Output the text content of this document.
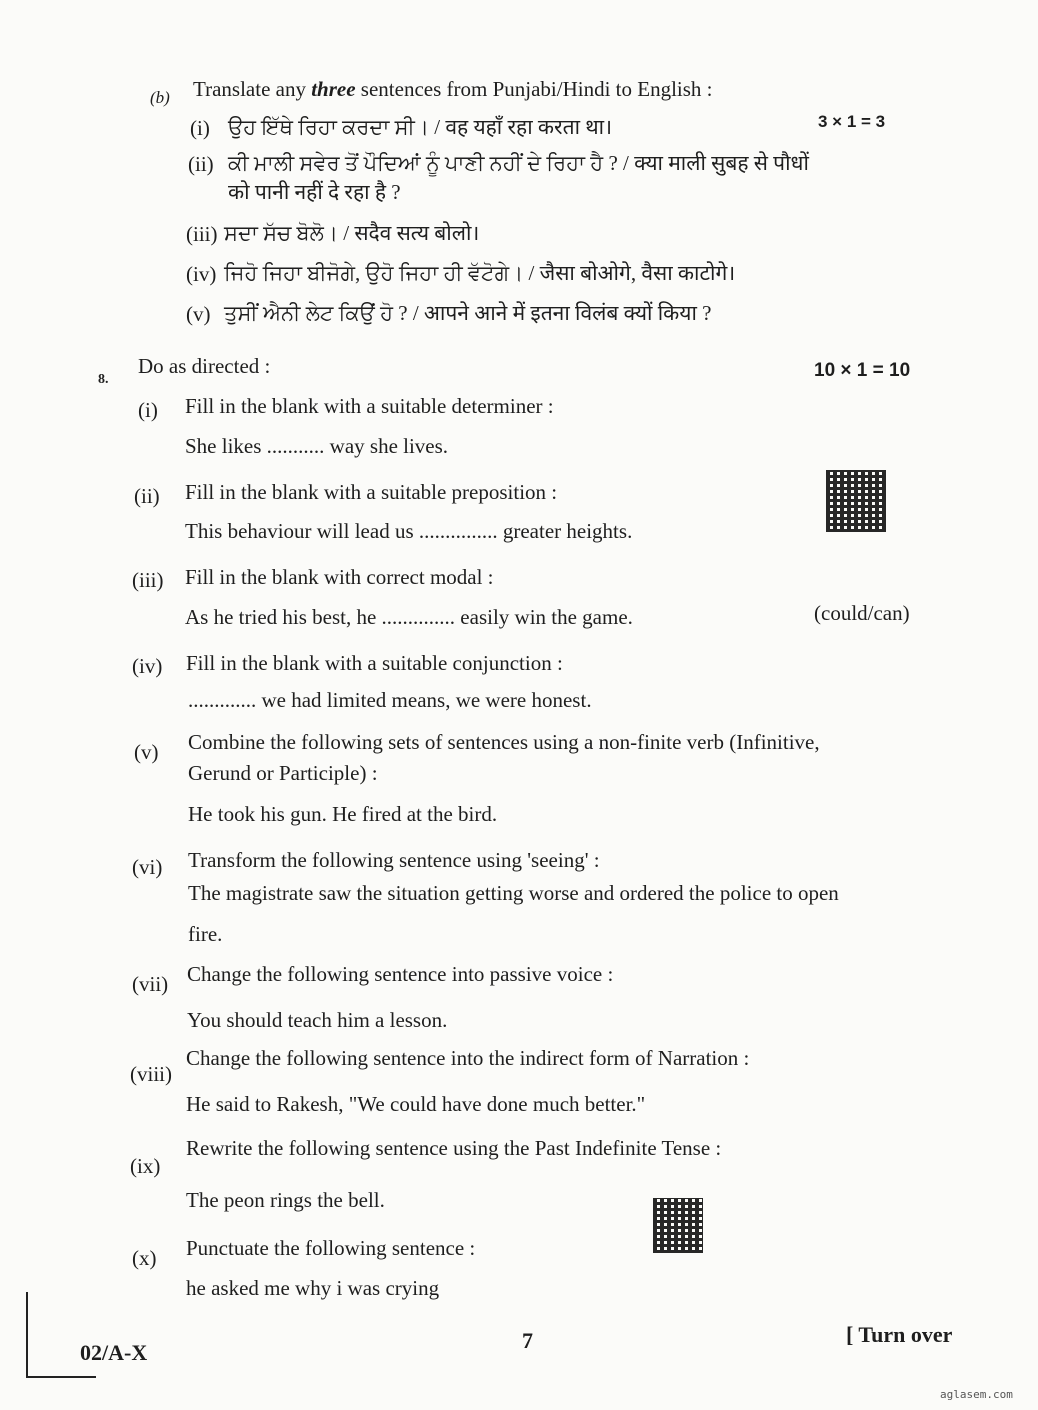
(b) Translate any three sentences from Punjabi/Hindi to English :
3 × 1 = 3
(i) ਉਹ ਇੱਥੇ ਰਿਹਾ ਕਰਦਾ ਸੀ। / वह यहाँ रहा करता था।
(ii) ਕੀ ਮਾਲੀ ਸਵੇਰ ਤੋਂ ਪੌਦਿਆਂ ਨੂੰ ਪਾਣੀ ਨਹੀਂ ਦੇ ਰਿਹਾ ਹੈ ? / क्या माली सुबह से पौधों
को पानी नहीं दे रहा है ?
(iii) ਸਦਾ ਸੱਚ ਬੋਲੋ। / सदैव सत्य बोलो।
(iv) ਜਿਹੋ ਜਿਹਾ ਬੀਜੋਗੇ, ਉਹੋ ਜਿਹਾ ਹੀ ਵੱਟੋਗੇ। / जैसा बोओगे, वैसा काटोगे।
(v) ਤੁਸੀਂ ਐਨੀ ਲੇਟ ਕਿਉਂ ਹੋ ? / आपने आने में इतना विलंब क्यों किया ?
8.
Do as directed :	10 × 1 = 10
(i) Fill in the blank with a suitable determiner :
She likes ........... way she lives.
(ii) Fill in the blank with a suitable preposition :
This behaviour will lead us ............... greater heights.
(iii) Fill in the blank with correct modal :
As he tried his best, he .............. easily win the game.	(could/can)
(iv) Fill in the blank with a suitable conjunction :
............. we had limited means, we were honest.
(v) Combine the following sets of sentences using a non-finite verb (Infinitive,
Gerund or Participle) :
He took his gun. He fired at the bird.
(vi) Transform the following sentence using 'seeing' :
The magistrate saw the situation getting worse and ordered the police to open
fire.
(vii) Change the following sentence into passive voice :
You should teach him a lesson.
(viii)
Change the following sentence into the indirect form of Narration :
He said to Rakesh, "We could have done much better."
(ix)
Rewrite the following sentence using the Past Indefinite Tense :
The peon rings the bell.
(x) Punctuate the following sentence :
he asked me why i was crying
02/A-X	7	[ Turn over
aglasem.com
